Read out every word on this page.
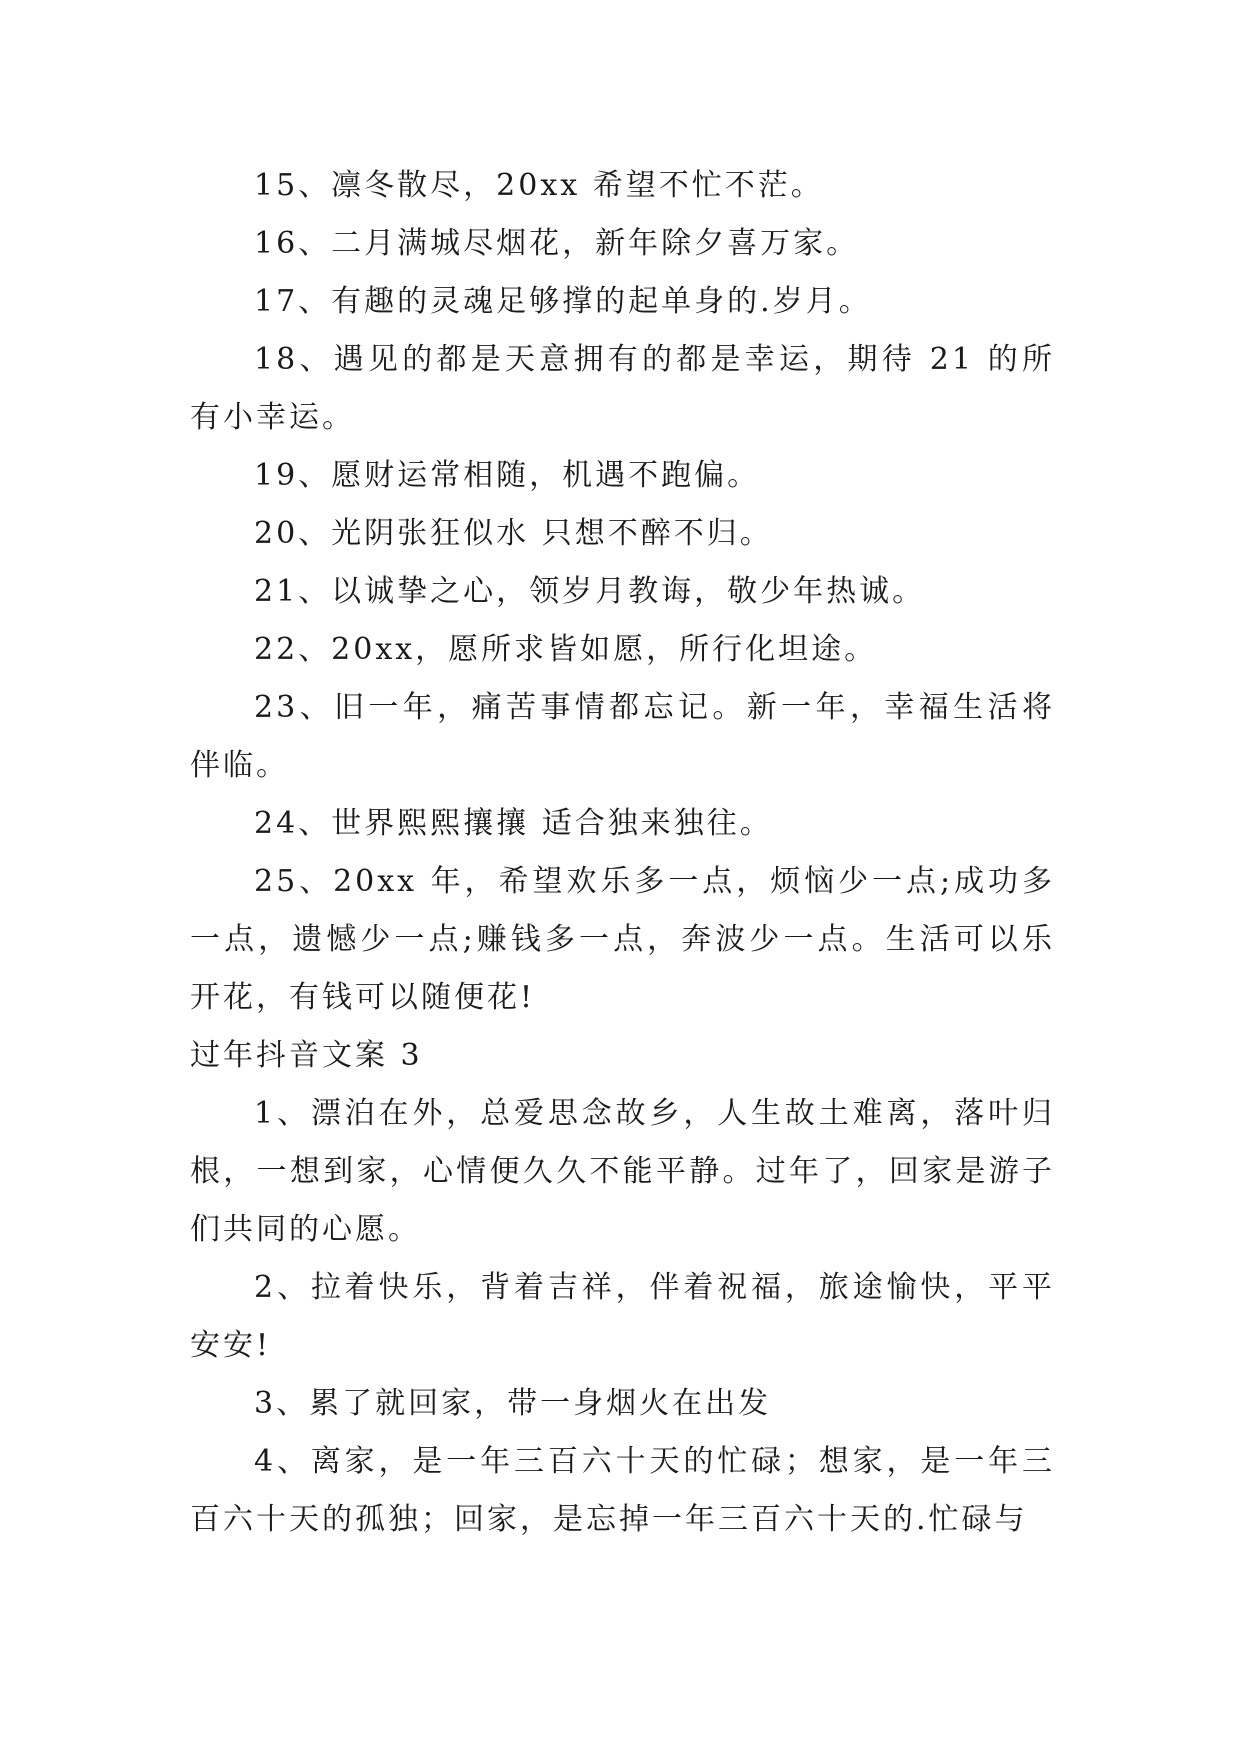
15、凛冬散尽，20xx 希望不忙不茫。

16、二月满城尽烟花，新年除夕喜万家。

17、有趣的灵魂足够撑的起单身的.岁月。

18、遇见的都是天意拥有的都是幸运，期待 21 的所有小幸运。

19、愿财运常相随，机遇不跑偏。

20、光阴张狂似水 只想不醉不归。

21、以诚挚之心，领岁月教诲，敬少年热诚。

22、20xx，愿所求皆如愿，所行化坦途。

23、旧一年，痛苦事情都忘记。新一年，幸福生活将伴临。

24、世界熙熙攘攘 适合独来独往。

25、20xx 年，希望欢乐多一点，烦恼少一点;成功多一点，遗憾少一点;赚钱多一点，奔波少一点。生活可以乐开花，有钱可以随便花!

过年抖音文案 3

1、漂泊在外，总爱思念故乡，人生故土难离，落叶归根，一想到家，心情便久久不能平静。过年了，回家是游子们共同的心愿。

2、拉着快乐，背着吉祥，伴着祝福，旅途愉快，平平安安!

3、累了就回家，带一身烟火在出发

4、离家，是一年三百六十天的忙碌；想家，是一年三百六十天的孤独；回家，是忘掉一年三百六十天的.忙碌与
